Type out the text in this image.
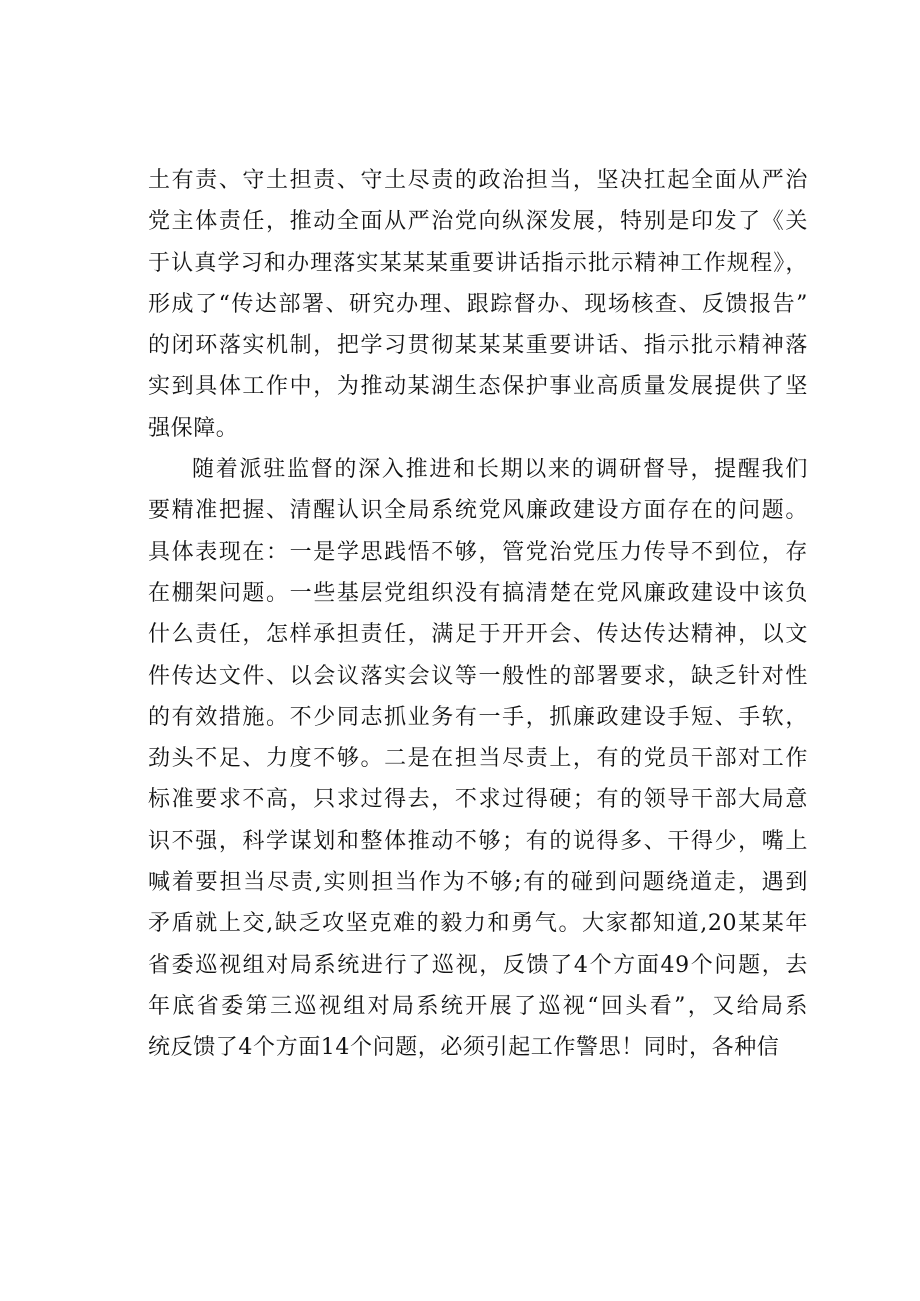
土有责、守土担责、守土尽责的政治担当，坚决扛起全面从严治
党主体责任，推动全面从严治党向纵深发展，特别是印发了《关
于认真学习和办理落实某某某重要讲话指示批示精神工作规程》，
形成了“传达部署、研究办理、跟踪督办、现场核查、反馈报告”
的闭环落实机制，把学习贯彻某某某重要讲话、指示批示精神落
实到具体工作中，为推动某湖生态保护事业高质量发展提供了坚
强保障。
随着派驻监督的深入推进和长期以来的调研督导，提醒我们
要精准把握、清醒认识全局系统党风廉政建设方面存在的问题。
具体表现在：一是学思践悟不够，管党治党压力传导不到位，存
在棚架问题。一些基层党组织没有搞清楚在党风廉政建设中该负
什么责任，怎样承担责任，满足于开开会、传达传达精神，以文
件传达文件、以会议落实会议等一般性的部署要求，缺乏针对性
的有效措施。不少同志抓业务有一手，抓廉政建设手短、手软，
劲头不足、力度不够。二是在担当尽责上，有的党员干部对工作
标准要求不高，只求过得去，不求过得硬；有的领导干部大局意
识不强，科学谋划和整体推动不够；有的说得多、干得少，嘴上
喊着要担当尽责,实则担当作为不够;有的碰到问题绕道走，遇到
矛盾就上交,缺乏攻坚克难的毅力和勇气。大家都知道,20某某年
省委巡视组对局系统进行了巡视，反馈了4个方面49个问题，去
年底省委第三巡视组对局系统开展了巡视“回头看”，又给局系
统反馈了4个方面14个问题，必须引起工作警思！同时，各种信
